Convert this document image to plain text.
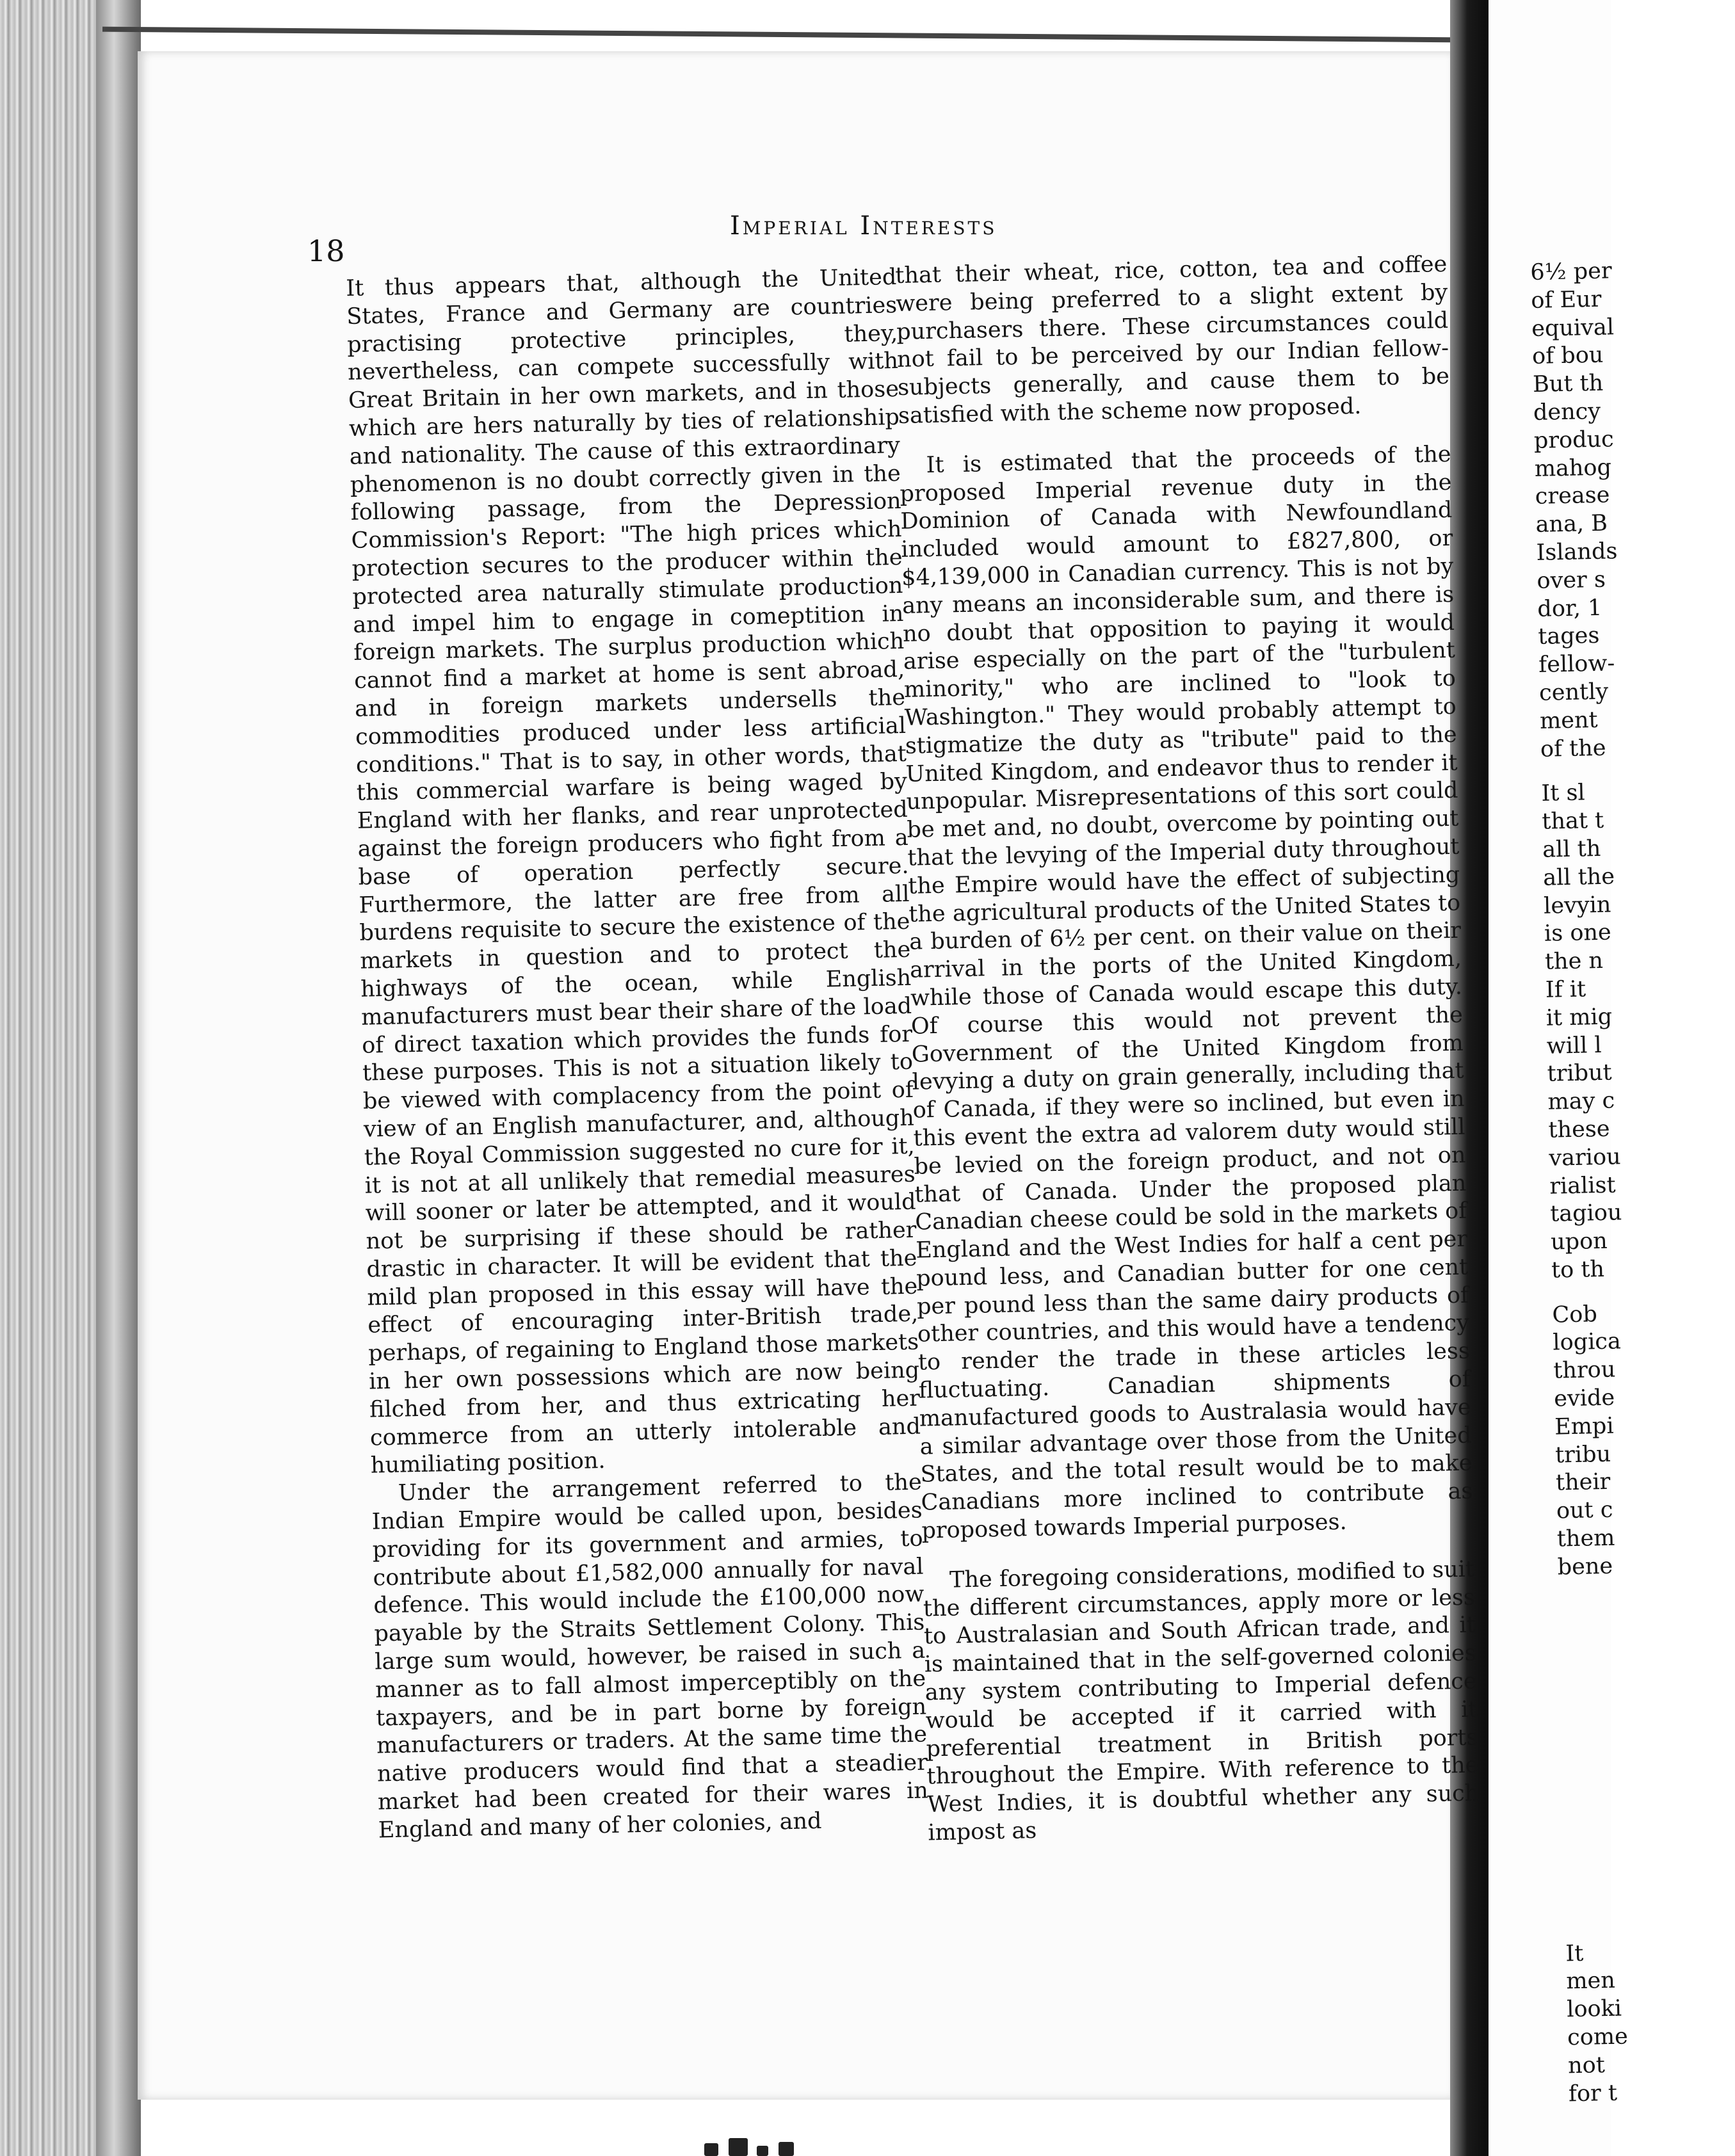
18
Imperial Interests

It thus appears that, although the United States, France and Germany are countries practising protective principles, they, nevertheless, can compete successfully with Great Britain in her own markets, and in those which are hers naturally by ties of relationship and nationality. The cause of this extraordinary phenomenon is no doubt correctly given in the following passage, from the Depression Commission's Report: "The high prices which protection secures to the producer within the protected area naturally stimulate production and impel him to engage in comeptition in foreign markets. The surplus production which cannot find a market at home is sent abroad, and in foreign markets undersells the commodities produced under less artificial conditions." That is to say, in other words, that this commercial warfare is being waged by England with her flanks, and rear unprotected against the foreign producers who fight from a base of operation perfectly secure. Furthermore, the latter are free from all burdens requisite to secure the existence of the markets in question and to protect the highways of the ocean, while English manufacturers must bear their share of the load of direct taxation which provides the funds for these purposes. This is not a situation likely to be viewed with complacency from the point of view of an English manufacturer, and, although the Royal Commission suggested no cure for it, it is not at all unlikely that remedial measures will sooner or later be attempted, and it would not be surprising if these should be rather drastic in character. It will be evident that the mild plan proposed in this essay will have the effect of encouraging inter-British trade, perhaps, of regaining to England those markets in her own possessions which are now being filched from her, and thus extricating her commerce from an utterly intolerable and humiliating position.

Under the arrangement referred to the Indian Empire would be called upon, besides providing for its government and armies, to contribute about £1,582,000 annually for naval defence. This would include the £100,000 now payable by the Straits Settlement Colony. This large sum would, however, be raised in such a manner as to fall almost imperceptibly on the taxpayers, and be in part borne by foreign manufacturers or traders. At the same time the native producers would find that a steadier market had been created for their wares in England and many of her colonies, and

that their wheat, rice, cotton, tea and coffee were being preferred to a slight extent by purchasers there. These circumstances could not fail to be perceived by our Indian fellow-subjects generally, and cause them to be satisfied with the scheme now proposed.

It is estimated that the proceeds of the proposed Imperial revenue duty in the Dominion of Canada with Newfoundland included would amount to £827,800, or $4,139,000 in Canadian currency. This is not by any means an inconsiderable sum, and there is no doubt that opposition to paying it would arise especially on the part of the "turbulent minority," who are inclined to "look to Washington." They would probably attempt to stigmatize the duty as "tribute" paid to the United Kingdom, and endeavor thus to render it unpopular. Misrepresentations of this sort could be met and, no doubt, overcome by pointing out that the levying of the Imperial duty throughout the Empire would have the effect of subjecting the agricultural products of the United States to a burden of 6½ per cent. on their value on their arrival in the ports of the United Kingdom, while those of Canada would escape this duty. Of course this would not prevent the Government of the United Kingdom from levying a duty on grain generally, including that of Canada, if they were so inclined, but even in this event the extra ad valorem duty would still be levied on the foreign product, and not on that of Canada. Under the proposed plan Canadian cheese could be sold in the markets of England and the West Indies for half a cent per pound less, and Canadian butter for one cent per pound less than the same dairy products of other countries, and this would have a tendency to render the trade in these articles less fluctuating. Canadian shipments of manufactured goods to Australasia would have a similar advantage over those from the United States, and the total result would be to make Canadians more inclined to contribute as proposed towards Imperial purposes.

The foregoing considerations, modified to suit the different circumstances, apply more or less to Australasian and South African trade, and it is maintained that in the self-governed colonies any system contributing to Imperial defence would be accepted if it carried with it preferential treatment in British ports throughout the Empire. With reference to the West Indies, it is doubtful whether any such impost as

6½ per
of Eur
equival
of bou
But th
dency
produc
mahog
crease
ana, B
Islands
over s
dor, 1
tages
fellow-
cently
ment
of the
It sl
that t
all th
all the
levyin
is one
the n
If it
it mig
will l
tribut
may c
these
variou
rialist
tagiou
upon
to th
Cob
logica
throu
evide
Empi
tribu
their
out c
them
bene
It
men
looki
come
not
for t
